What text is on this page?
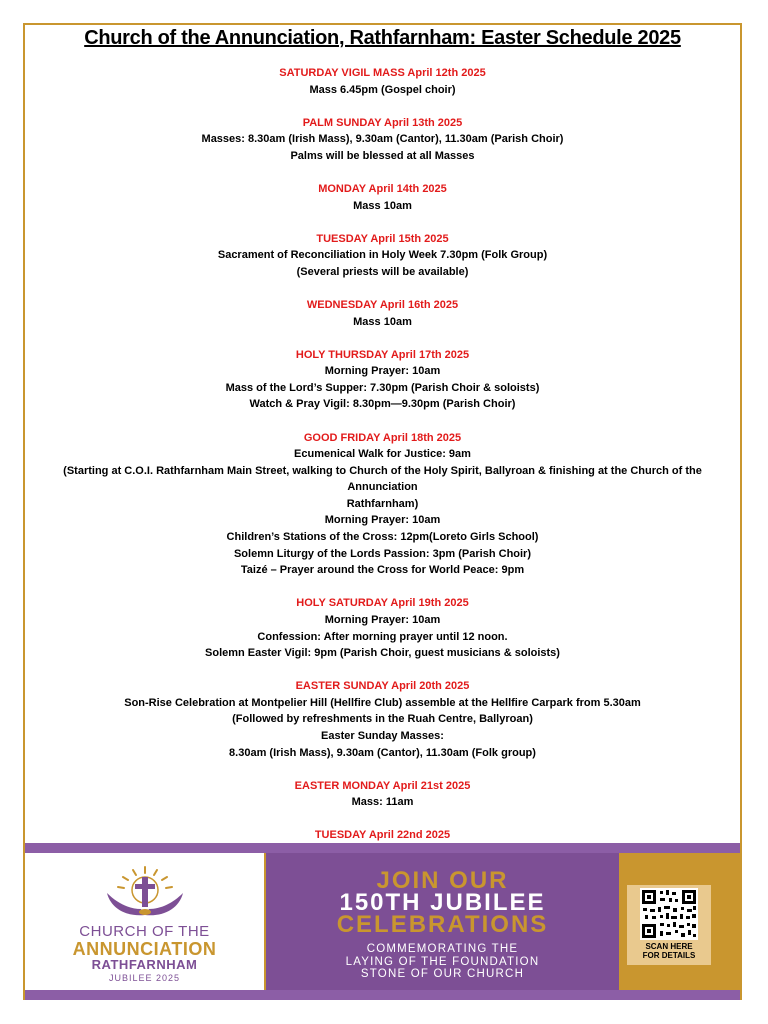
Church of the Annunciation, Rathfarnham: Easter Schedule 2025
SATURDAY VIGIL MASS April 12th 2025
Mass 6.45pm (Gospel choir)
PALM SUNDAY April 13th 2025
Masses: 8.30am (Irish Mass), 9.30am (Cantor), 11.30am (Parish Choir)
Palms will be blessed at all Masses
MONDAY April 14th 2025
Mass 10am
TUESDAY April 15th 2025
Sacrament of Reconciliation in Holy Week 7.30pm (Folk Group)
(Several priests will be available)
WEDNESDAY April 16th 2025
Mass 10am
HOLY THURSDAY April 17th 2025
Morning Prayer: 10am
Mass of the Lord’s Supper: 7.30pm (Parish Choir & soloists)
Watch & Pray Vigil: 8.30pm—9.30pm (Parish Choir)
GOOD FRIDAY April 18th 2025
Ecumenical Walk for Justice: 9am
(Starting at C.O.I. Rathfarnham Main Street, walking to Church of the Holy Spirit, Ballyroan & finishing at the Church of the Annunciation
Rathfarnham)
Morning Prayer: 10am
Children’s Stations of the Cross: 12pm(Loreto Girls School)
Solemn Liturgy of the Lords Passion: 3pm (Parish Choir)
Taizé – Prayer around the Cross for World Peace: 9pm
HOLY SATURDAY April 19th 2025
Morning Prayer: 10am
Confession: After morning prayer until 12 noon.
Solemn Easter Vigil: 9pm (Parish Choir, guest musicians & soloists)
EASTER SUNDAY April 20th 2025
Son-Rise Celebration at Montpelier Hill (Hellfire Club) assemble at the Hellfire Carpark from 5.30am
(Followed by refreshments in the Ruah Centre, Ballyroan)
Easter Sunday Masses:
8.30am (Irish Mass), 9.30am (Cantor), 11.30am (Folk group)
EASTER MONDAY April 21st 2025
Mass: 11am
TUESDAY April 22nd 2025
CHURCH OF THE
ANNUNCIATION
RATHFARNHAM
JUBILEE 2025
JOIN OUR
150TH JUBILEE
CELEBRATIONS
COMMEMORATING THE
LAYING OF THE FOUNDATION
STONE OF OUR CHURCH
SCAN HERE
FOR DETAILS
